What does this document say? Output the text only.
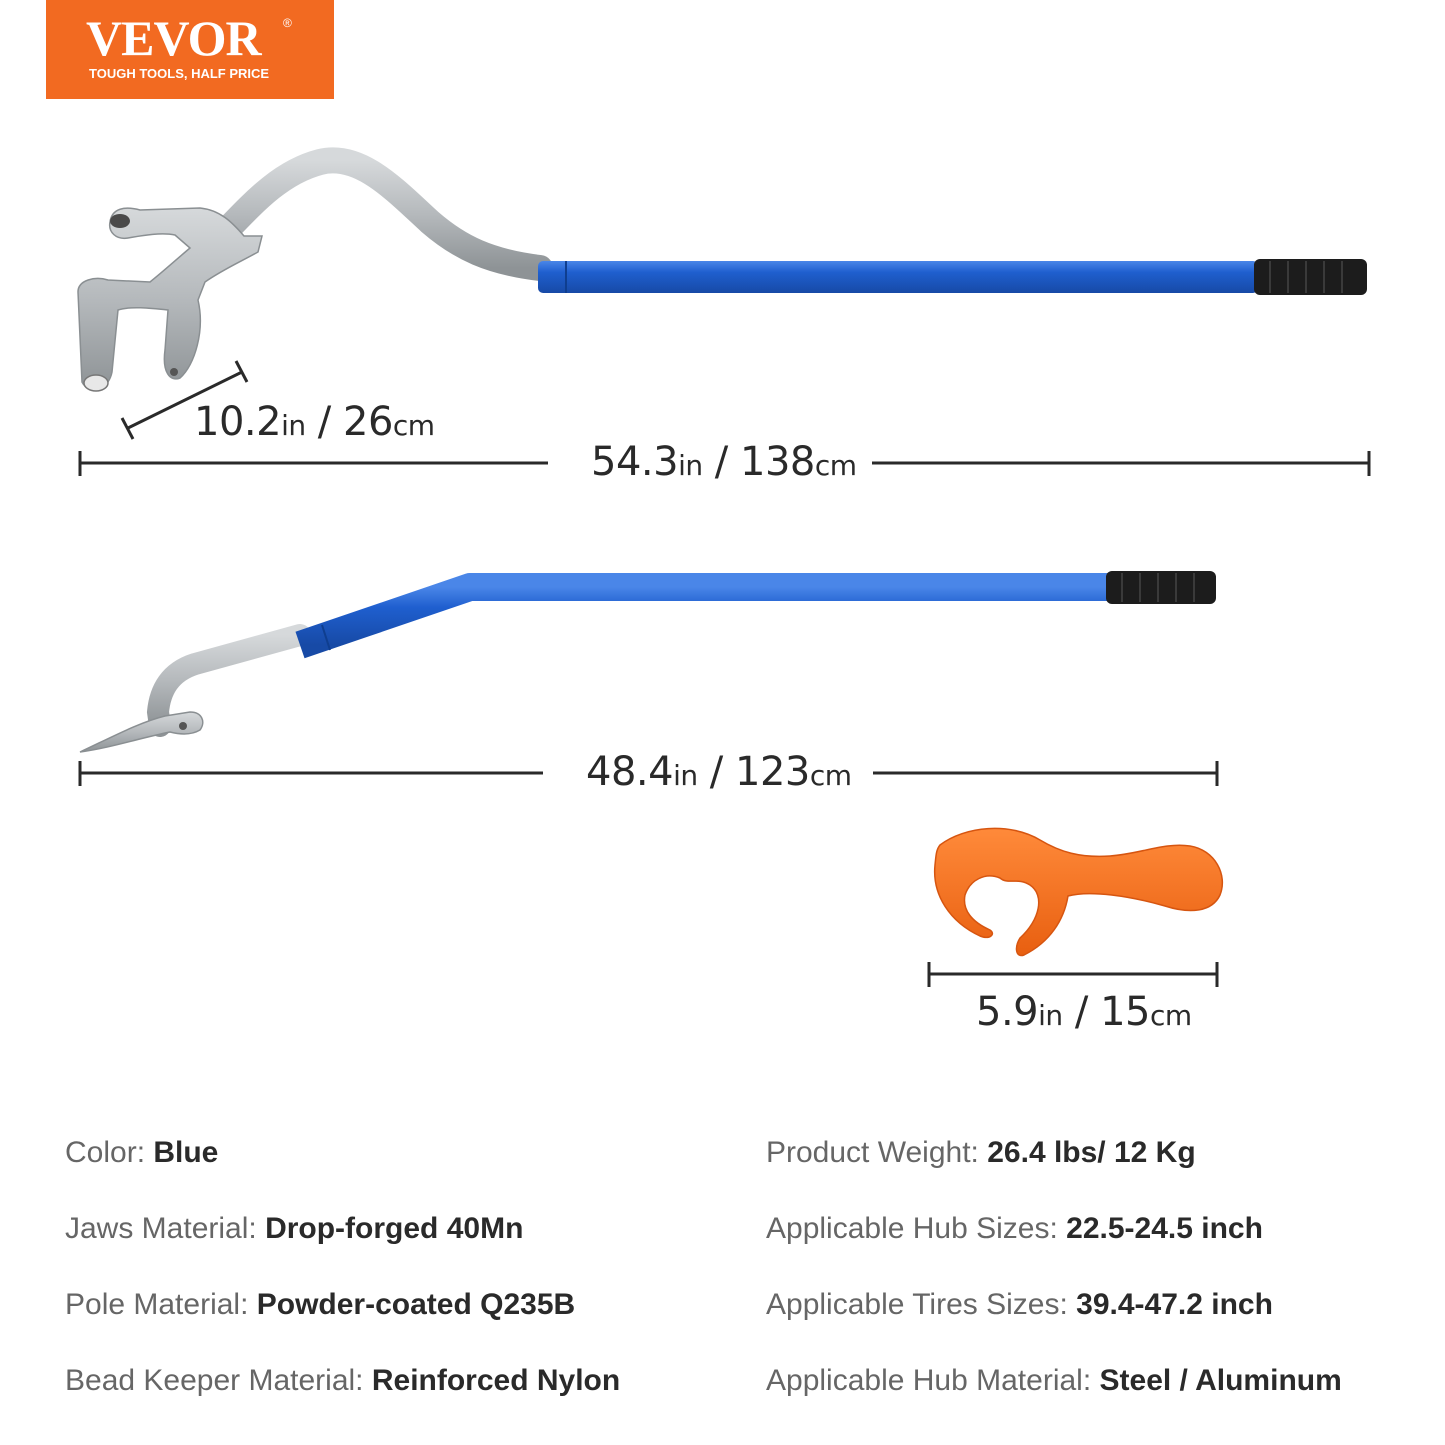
VEVOR ®
TOUGH TOOLS, HALF PRICE
10.2in / 26cm
54.3in / 138cm
48.4in / 123cm
5.9in / 15cm
Color: Blue
Jaws Material: Drop-forged 40Mn
Pole Material: Powder-coated Q235B
Bead Keeper Material: Reinforced Nylon
Product Weight: 26.4 lbs/ 12 Kg
Applicable Hub Sizes: 22.5-24.5 inch
Applicable Tires Sizes: 39.4-47.2 inch
Applicable Hub Material: Steel / Aluminum
